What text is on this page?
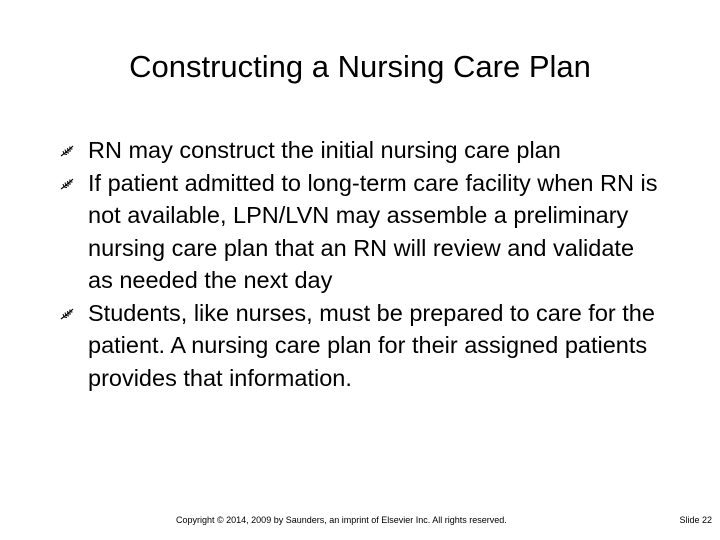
Constructing a Nursing Care Plan
RN may construct the initial nursing care plan
If patient admitted to long-term care facility when RN is not available, LPN/LVN may assemble a preliminary nursing care plan that an RN will review and validate as needed the next day
Students, like nurses, must be prepared to care for the patient. A nursing care plan for their assigned patients provides that information.
Copyright © 2014, 2009 by Saunders, an imprint of Elsevier Inc. All rights reserved.	Slide 22
